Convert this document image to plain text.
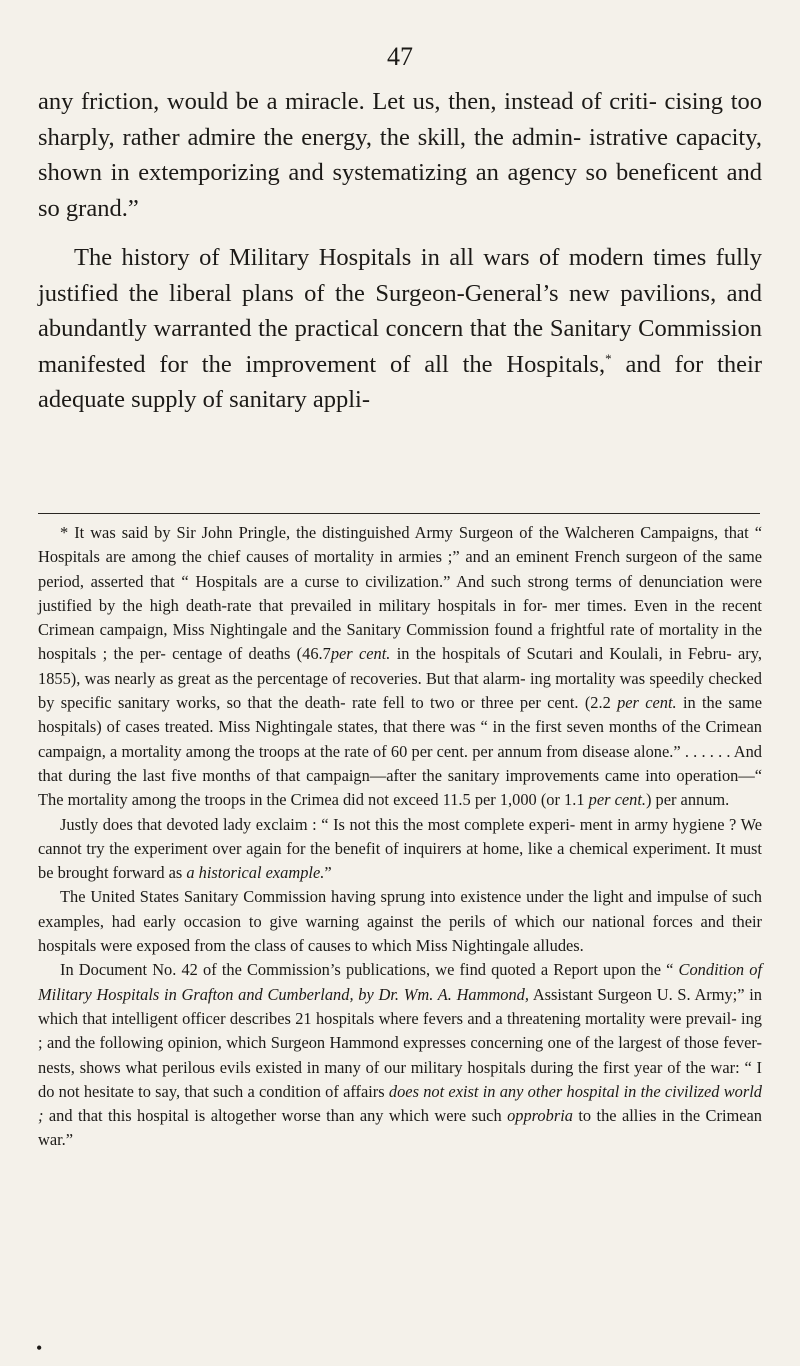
47

any friction, would be a miracle. Let us, then, instead of criti- cising too sharply, rather admire the energy, the skill, the admin- istrative capacity, shown in extemporizing and systematizing an agency so beneficent and so grand.”

The history of Military Hospitals in all wars of modern times fully justified the liberal plans of the Surgeon-General’s new pavilions, and abundantly warranted the practical concern that the Sanitary Commission manifested for the improvement of all the Hospitals,* and for their adequate supply of sanitary appli-

* It was said by Sir John Pringle, the distinguished Army Surgeon of the Walcheren Campaigns, that “ Hospitals are among the chief causes of mortality in armies ;” and an eminent French surgeon of the same period, asserted that “ Hospitals are a curse to civilization.” And such strong terms of denunciation were justified by the high death-rate that prevailed in military hospitals in for- mer times. Even in the recent Crimean campaign, Miss Nightingale and the Sanitary Commission found a frightful rate of mortality in the hospitals ; the per- centage of deaths (46.7per cent. in the hospitals of Scutari and Koulali, in Febru- ary, 1855), was nearly as great as the percentage of recoveries. But that alarm- ing mortality was speedily checked by specific sanitary works, so that the death- rate fell to two or three per cent. (2.2 per cent. in the same hospitals) of cases treated. Miss Nightingale states, that there was “ in the first seven months of the Crimean campaign, a mortality among the troops at the rate of 60 per cent. per annum from disease alone.” . . . . . . And that during the last five months of that campaign—after the sanitary improvements came into operation—“ The mortality among the troops in the Crimea did not exceed 11.5 per 1,000 (or 1.1 per cent.) per annum.

Justly does that devoted lady exclaim : “ Is not this the most complete experi- ment in army hygiene ? We cannot try the experiment over again for the benefit of inquirers at home, like a chemical experiment. It must be brought forward as a historical example.”

The United States Sanitary Commission having sprung into existence under the light and impulse of such examples, had early occasion to give warning against the perils of which our national forces and their hospitals were exposed from the class of causes to which Miss Nightingale alludes.

In Document No. 42 of the Commission’s publications, we find quoted a Report upon the “ Condition of Military Hospitals in Grafton and Cumberland, by Dr. Wm. A. Hammond, Assistant Surgeon U. S. Army;” in which that intelligent officer describes 21 hospitals where fevers and a threatening mortality were prevail- ing ; and the following opinion, which Surgeon Hammond expresses concerning one of the largest of those fever-nests, shows what perilous evils existed in many of our military hospitals during the first year of the war: “ I do not hesitate to say, that such a condition of affairs does not exist in any other hospital in the civilized world ; and that this hospital is altogether worse than any which were such opprobria to the allies in the Crimean war.”

•
